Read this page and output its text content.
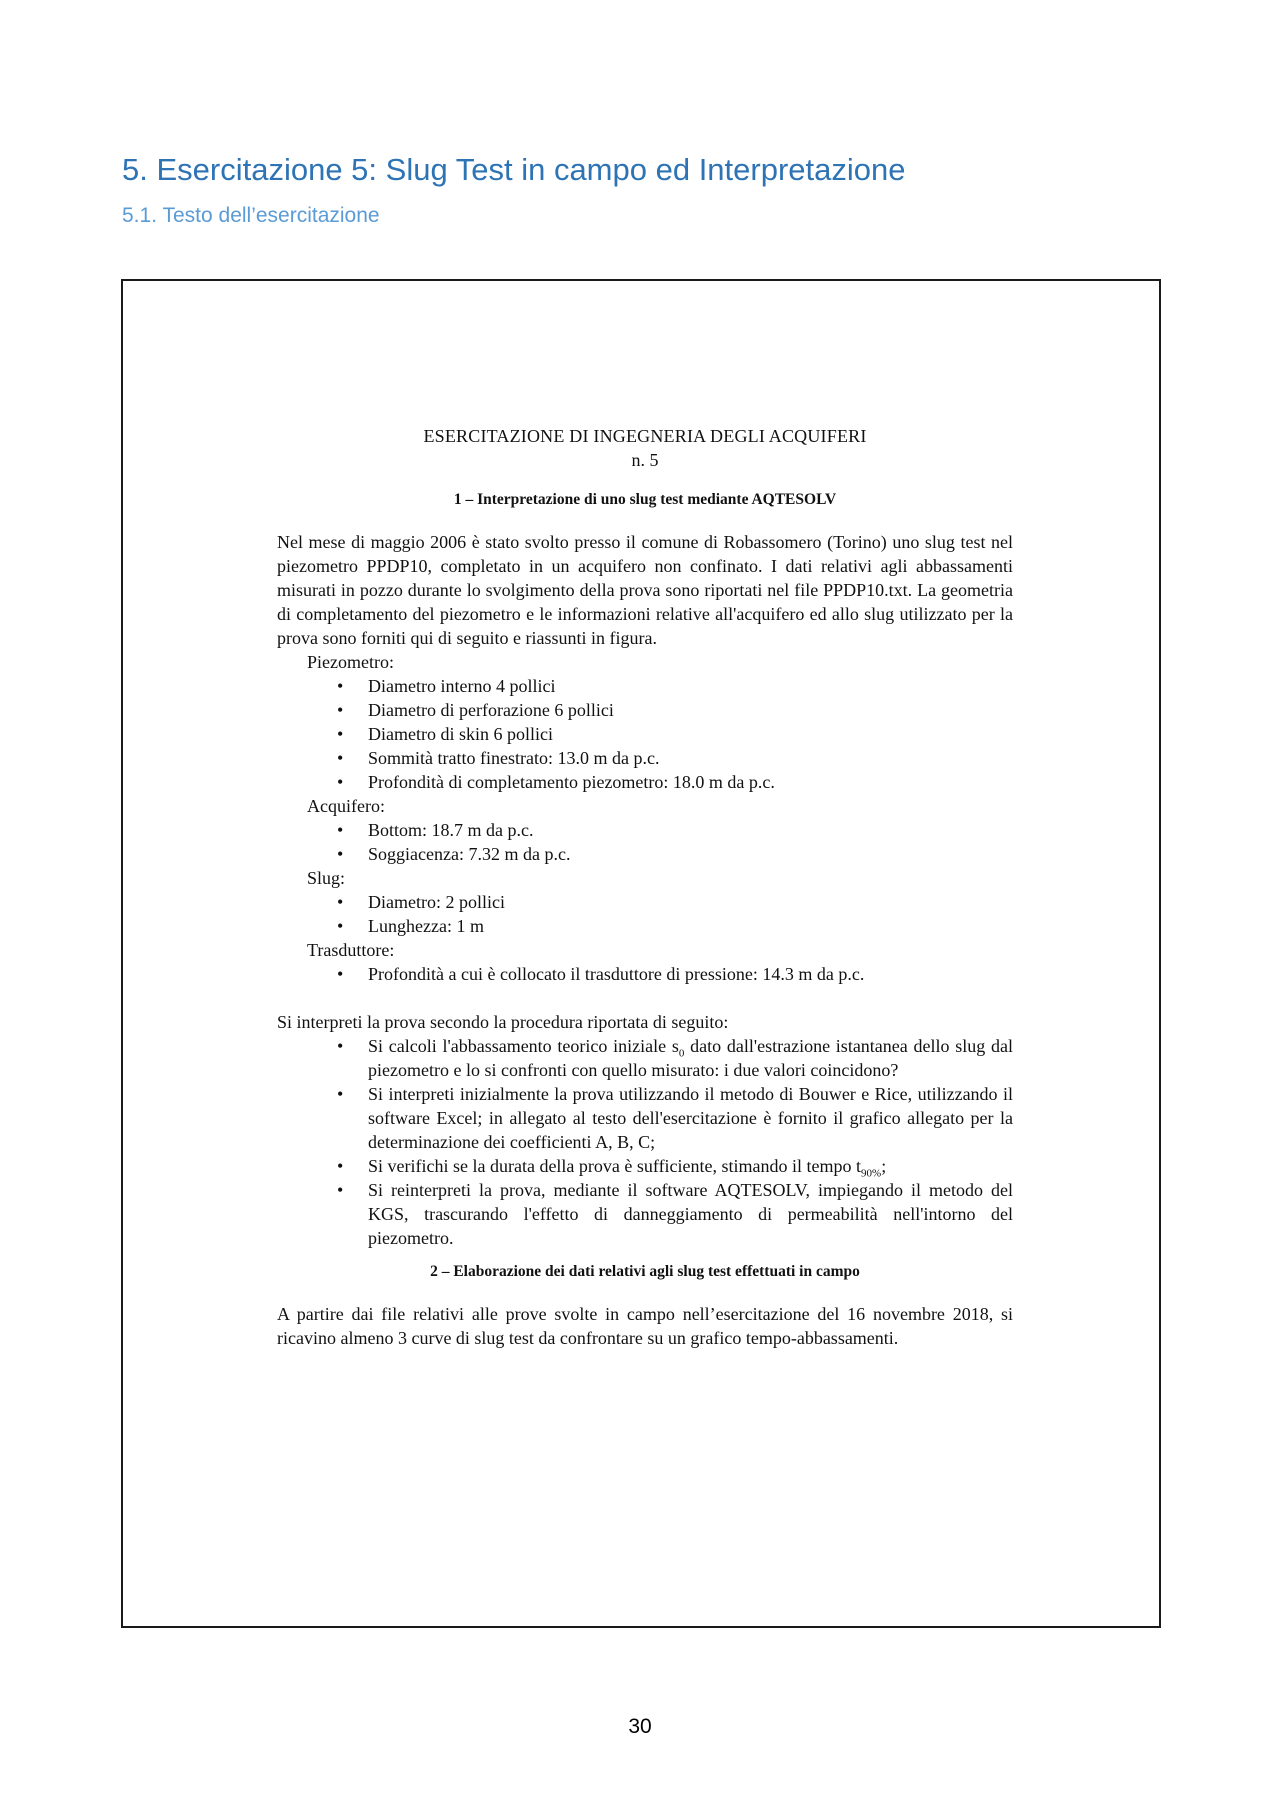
5. Esercitazione 5: Slug Test in campo ed Interpretazione
5.1. Testo dell’esercitazione

ESERCITAZIONE DI INGEGNERIA DEGLI ACQUIFERI

n. 5

1 – Interpretazione di uno slug test mediante AQTESOLV

Nel mese di maggio 2006 è stato svolto presso il comune di Robassomero (Torino) uno slug test nel piezometro PPDP10, completato in un acquifero non confinato. I dati relativi agli abbassamenti misurati in pozzo durante lo svolgimento della prova sono riportati nel file PPDP10.txt. La geometria di completamento del piezometro e le informazioni relative all'acquifero ed allo slug utilizzato per la prova sono forniti qui di seguito e riassunti in figura.

Piezometro:

• Diametro interno 4 pollici
• Diametro di perforazione 6 pollici
• Diametro di skin 6 pollici
• Sommità tratto finestrato: 13.0 m da p.c.
• Profondità di completamento piezometro: 18.0 m da p.c.

Acquifero:

• Bottom: 18.7 m da p.c.
• Soggiacenza: 7.32 m da p.c.

Slug:

• Diametro: 2 pollici
• Lunghezza: 1 m

Trasduttore:

• Profondità a cui è collocato il trasduttore di pressione: 14.3 m da p.c.

Si interpreti la prova secondo la procedura riportata di seguito:

• Si calcoli l'abbassamento teorico iniziale $s_0$ dato dall'estrazione istantanea dello slug dal piezometro e lo si confronti con quello misurato: i due valori coincidono?
• Si interpreti inizialmente la prova utilizzando il metodo di Bouwer e Rice, utilizzando il software Excel; in allegato al testo dell'esercitazione è fornito il grafico allegato per la determinazione dei coefficienti A, B, C;
• Si verifichi se la durata della prova è sufficiente, stimando il tempo $t_{90\%}$;
• Si reinterpreti la prova, mediante il software AQTESOLV, impiegando il metodo del KGS, trascurando l'effetto di danneggiamento di permeabilità nell'intorno del piezometro.

2 – Elaborazione dei dati relativi agli slug test effettuati in campo

A partire dai file relativi alle prove svolte in campo nell’esercitazione del 16 novembre 2018, si ricavino almeno 3 curve di slug test da confrontare su un grafico tempo-abbassamenti.

30
